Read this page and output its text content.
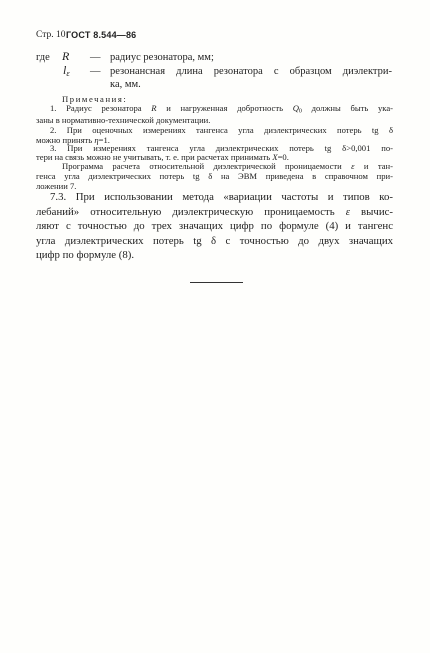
Стр. 10 ГОСТ 8.544—86
где R — радиус резонатора, мм;
$l_\varepsilon$ — резонансная длина резонатора с образцом диэлектри-
ка, мм.
Примечания:
1. Радиус резонатора R и нагруженная добротность $Q_0$ должны быть ука-
заны в нормативно-технической документации.
2. При оценочных измерениях тангенса угла диэлектрических потерь tg δ
можно принять η=1.
3. При измерениях тангенса угла диэлектрических потерь tg δ>0,001 по-
тери на связь можно не учитывать, т. е. при расчетах принимать X=0.
Программа расчета относительной диэлектрической проницаемости ε и тан-
генса угла диэлектрических потерь tg δ на ЭВМ приведена в справочном при-
ложении 7.
7.3. При использовании метода «вариации частоты и типов ко-
лебаний» относительную диэлектрическую проницаемость ε вычис-
ляют с точностью до трех значащих цифр по формуле (4) и тангенс
угла диэлектрических потерь tg δ с точностью до двух значащих
цифр по формуле (8).
